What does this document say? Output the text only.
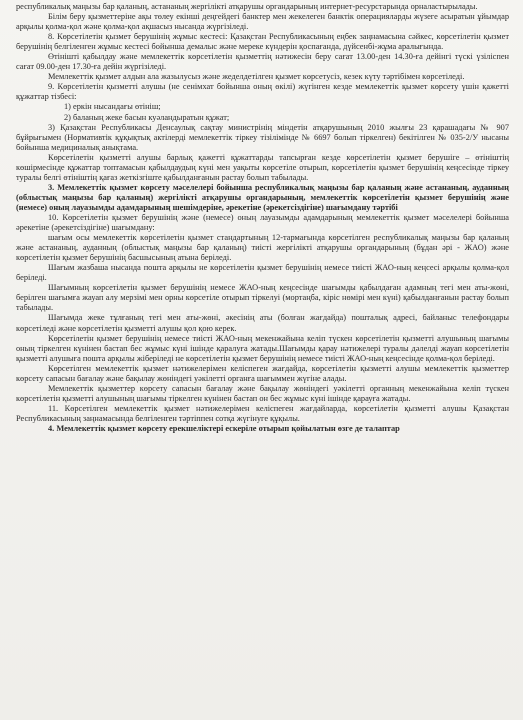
республикалық маңызы бар қаланың, астананың жергілікті атқарушы органдарының интернет-ресурстарында орналастырылады.

Білім беру қызметтеріне ақы төлеу екінші деңгейдегі банктер мен жекелеген банктік операцияларды жүзеге асыратын ұйымдар арқылы қолма-қол және қолма-қол ақшасыз нысанда жүргізіледі.

8. Көрсетілетін қызмет берушінің жұмыс кестесі: Қазақстан Республикасының еңбек заңнамасына сәйкес, көрсетілетін қызмет берушінің белгіленген жұмыс кестесі бойынша демалыс және мереке күндерін қоспағанда, дүйсенбі-жұма аралығында.

Өтінішті қабылдау және мемлекеттік көрсетілетін қызметтің нәтижесін беру сағат 13.00-ден 14.30-ға дейінгі түскі үзіліспен сағат 09.00-ден 17.30-ға дейін жүргізіледі.

Мемлекеттік қызмет алдын ала жазылусыз және жеделдетілген қызмет көрсетусіз, кезек күту тәртібімен көрсетіледі.

9. Көрсетілетін қызметті алушы (не сенімхат бойынша оның өкілі) жүгінген кезде мемлекеттік қызмет көрсету үшін қажетті құжаттар тізбесі:

1) еркін нысандағы өтініш;

2) баланың жеке басын куәландыратын құжат;

3) Қазақстан Республикасы Денсаулық сақтау министрінің міндетін атқарушының 2010 жылғы 23 қарашадағы № 907 бұйрығымен (Нормативтік құқықтық актілерді мемлекеттік тіркеу тізілімінде № 6697 болып тіркелген) бекітілген № 035-2/У нысаны бойынша медициналық анықтама.

Көрсетілетін қызметті алушы барлық қажетті құжаттарды тапсырған кезде көрсетілетін қызмет берушіге – өтініштің көшірмесінде құжаттар топтамасын қабылдаудың күні мен уақыты көрсетіле отырып, көрсетілетін қызмет берушінің кеңсесінде тіркеу туралы белгі өтініштің қағаз жеткізгіште қабылданғанын растау болып табылады.

3. Мемлекеттік қызмет көрсету мәселелері бойынша республикалық маңызы бар қаланың және астананың, ауданның (облыстық маңызы бар қаланың) жергілікті атқарушы органдарының, мемлекеттік көрсетілетін қызмет берушінің және (немесе) оның лауазымды адамдарының шешімдеріне, әрекетіне (әрекетсіздігіне) шағымдану тәртібі

10. Көрсетілетін қызмет берушінің және (немесе) оның лауазымды адамдарының мемлекеттік қызмет мәселелері бойынша әрекетіне (әрекетсіздігіне) шағымдану:

шағым осы мемлекеттік көрсетілетін қызмет стандартының 12-тармағында көрсетілген республикалық маңызы бар қаланың және астананың, ауданның (облыстық маңызы бар қаланың) тиісті жергілікті атқарушы органдарының (бұдан әрі - ЖАО) және көрсетілетін қызмет берушінің басшысының атына беріледі.

Шағым жазбаша нысанда пошта арқылы не көрсетілетін қызмет берушінің немесе тиісті ЖАО-ның кеңсесі арқылы қолма-қол беріледі.

Шағымның көрсетілетін қызмет берушінің немесе ЖАО-ның кеңсесінде шағымды қабылдаған адамның тегі мен аты-жөні, берілген шағымға жауап алу мерзімі мен орны көрсетіле отырып тіркелуі (мортаңба, кіріс нөмірі мен күні) қабылданғанын растау болып табылады.

Шағымда жеке тұлғаның тегі мен аты-жөні, әкесінің аты (болған жағдайда) пошталық адресі, байланыс телефондары көрсетіледі және көрсетілетін қызметті алушы қол қою керек.

Көрсетілетін қызмет берушінің немесе тиісті ЖАО-ның мекенжайына келіп түскен көрсетілетін қызметті алушының шағымы оның тіркелген күнінен бастап бес жұмыс күні ішінде қаралуға жатады.Шағымды қарау нәтижелері туралы дәлелді жауап көрсетілетін қызметті алушыға пошта арқылы жіберіледі не көрсетілетін қызмет берушінің немесе тиісті ЖАО-ның кеңсесінде қолма-қол беріледі.

Көрсетілген мемлекеттік қызмет нәтижелерімен келіспеген жағдайда, көрсетілетін қызметті алушы мемлекеттік қызметтер көрсету сапасын бағалау және бақылау жөніндегі уәкілетті органға шағыммен жүгіне алады.

Мемлекеттік қызметтер көрсету сапасын бағалау және бақылау жөніндегі уәкілетті органның мекенжайына келіп түскен көрсетілетін қызметті алушының шағымы тіркелген күнінен бастап он бес жұмыс күні ішінде қарауға жатады.

11. Көрсетілген мемлекеттік қызмет нәтижелерімен келіспеген жағдайларда, көрсетілетін қызметті алушы Қазақстан Республикасының заңнамасында белгіленген тәртіппен сотқа жүгінуге құқылы.

4. Мемлекеттік қызмет көрсету ерекшеліктері ескеріле отырып қойылатын өзге де талаптар
